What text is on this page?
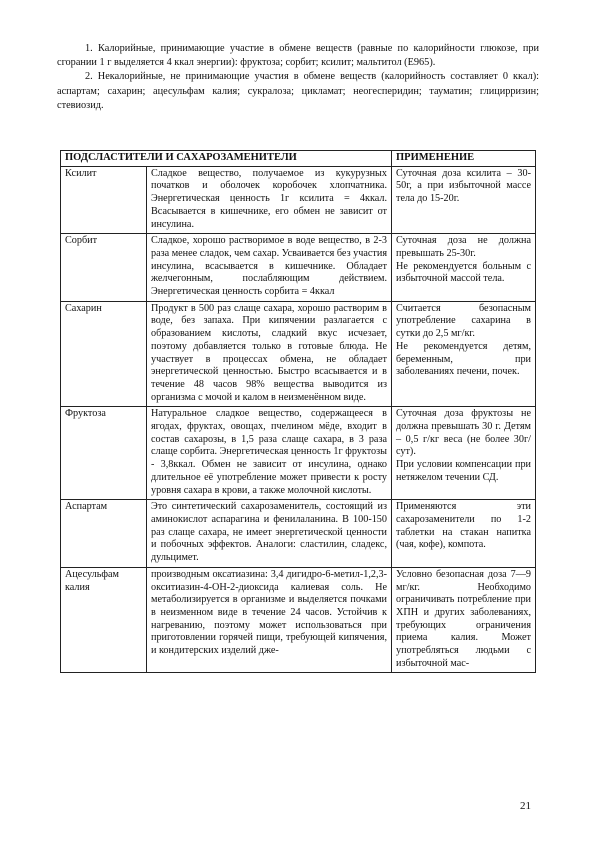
1. Калорийные, принимающие участие в обмене веществ (равные по калорийности глюкозе, при сгорании 1 г выделяется 4 ккал энергии): фруктоза; сорбит; ксилит; мальтитол (Е965).

2. Некалорийные, не принимающие участия в обмене веществ (калорийность составляет 0 ккал): аспартам; сахарин; ацесульфам калия; сукралоза; цикламат; неогесперидин; тауматин; глицирризин; стевиозид.

ПОДСЛАСТИТЕЛИ И САХАРОЗАМЕНИТЕЛИ		ПРИМЕНЕНИЕ
Ксилит	Сладкое вещество, получаемое из кукурузных початков и оболочек коробочек хлопчатника. Энергетическая ценность 1г ксилита = 4ккал. Всасывается в кишечнике, его обмен не зависит от инсулина.	Суточная доза ксилита – 30-50г, а при избыточной массе тела до 15-20г.

Сорбит	Сладкое, хорошо растворимое в воде вещество, в 2-3 раза менее сладок, чем сахар. Усваивается без участия инсулина, всасывается в кишечнике. Обладает желчегонным, послабляющим действием. Энергетическая ценность сорбита = 4ккал	Суточная доза не должна превышать 25-30г.
Не рекомендуется больным с избыточной массой тела.

Сахарин	Продукт в 500 раз слаще сахара, хорошо растворим в воде, без запаха. При кипячении разлагается с образованием кислоты, сладкий вкус исчезает, поэтому добавляется только в готовые блюда. Не участвует в процессах обмена, не обладает энергетической ценностью. Быстро всасывается и в течение 48 часов 98% вещества выводится из организма с мочой и калом в неизменённом виде.	Считается безопасным употребление сахарина в сутки до 2,5 мг/кг.
Не рекомендуется детям, беременным, при заболеваниях печени, почек.

Фруктоза	Натуральное сладкое вещество, содержащееся в ягодах, фруктах, овощах, пчелином мёде, входит в состав сахарозы, в 1,5 раза слаще сахара, в 3 раза слаще сорбита. Энергетическая ценность 1г фруктозы - 3,8ккал. Обмен не зависит от инсулина, однако длительное её употребление может привести к росту уровня сахара в крови, а также молочной кислоты.	Суточная доза фруктозы не должна превышать 30 г. Детям – 0,5 г/кг веса (не более 30г/сут).
При условии компенсации при нетяжелом течении СД.

Аспартам	Это синтетический сахарозаменитель, состоящий из аминокислот аспарагина и фенилаланина. В 100-150 раз слаще сахара, не имеет энергетической ценности и побочных эффектов. Аналоги: сластилин, сладекс, дульцимет.	Применяются эти сахарозаменители по 1-2 таблетки на стакан напитка (чая, кофе), компота.

Ацесульфам калия	производным оксатиазина: 3,4 дигидро-6-метил-1,2,3-окситиазин-4-ОН-2-диоксида калиевая соль. Не метаболизируется в организме и выделяется почками в неизменном виде в течение 24 часов. Устойчив к нагреванию, поэтому может использоваться при приготовлении горячей пищи, требующей кипячения, и кондитерских изделий дже-	Условно безопасная доза 7—9 мг/кг. Необходимо ограничивать потребление при ХПН и других заболеваниях, требующих ограничения приема калия. Может употребляться людьми с избыточной мас-
21
